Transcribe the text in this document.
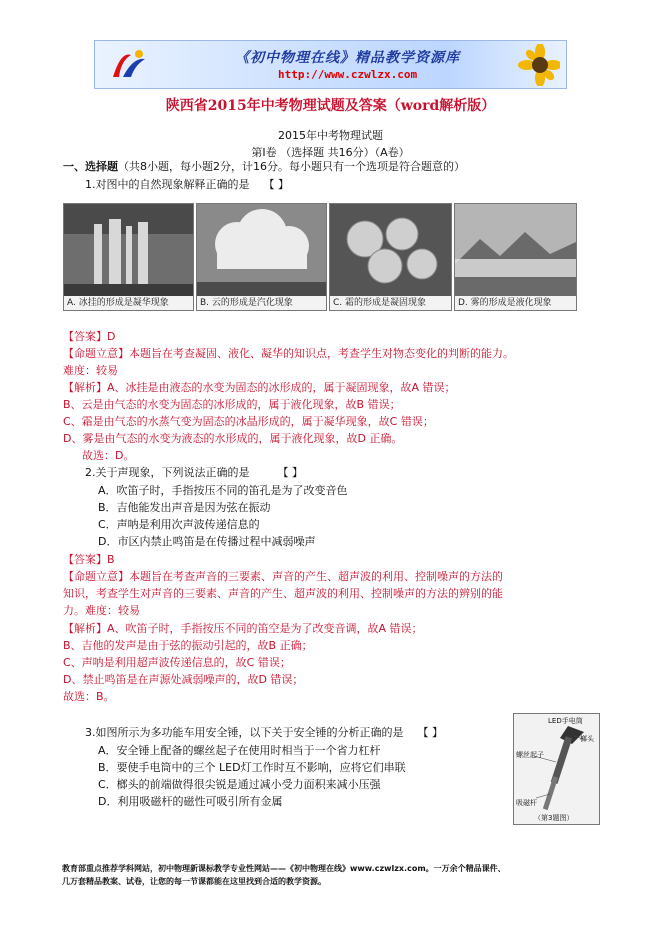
《初中物理在线》精品教学资源库
http://www.czwlzx.com
陕西省2015年中考物理试题及答案（word解析版）
2015年中考物理试题
第Ⅰ卷 （选择题 共16分）（A卷）
一、选择题（共8小题，每小题2分，计16分。每小题只有一个选项是符合题意的）
1.对图中的自然现象解释正确的是 【 】
A. 冰挂的形成是凝华现象	B. 云的形成是汽化现象	C. 霜的形成是凝固现象	D. 雾的形成是液化现象
【答案】D
【命题立意】本题旨在考查凝固、液化、凝华的知识点，考查学生对物态变化的判断的能力。
难度：较易
【解析】A、冰挂是由液态的水变为固态的冰形成的，属于凝固现象，故A 错误；
B、云是由气态的水变为固态的冰形成的，属于液化现象，故B 错误；
C、霜是由气态的水蒸气变为固态的冰晶形成的，属于凝华现象，故C 错误；
D、雾是由气态的水变为液态的水形成的，属于液化现象，故D 正确。
故选：D。
2.关于声现象，下列说法正确的是	【 】
A．吹笛子时，手指按压不同的笛孔是为了改变音色
B．吉他能发出声音是因为弦在振动
C．声呐是利用次声波传递信息的
D．市区内禁止鸣笛是在传播过程中减弱噪声
【答案】B
【命题立意】本题旨在考查声音的三要素、声音的产生、超声波的利用、控制噪声的方法的
知识，考查学生对声音的三要素、声音的产生、超声波的利用、控制噪声的方法的辨别的能
力。难度：较易
【解析】A、吹笛子时，手指按压不同的笛空是为了改变音调，故A 错误；
B、吉他的发声是由于弦的振动引起的，故B 正确；
C、声呐是利用超声波传递信息的，故C 错误；
D、禁止鸣笛是在声源处减弱噪声的，故D 错误；
故选：B。
3.如图所示为多功能车用安全锤，以下关于安全锤的分析正确的是 【 】
A．安全锤上配备的螺丝起子在使用时相当于一个省力杠杆
B．要使手电筒中的三个 LED灯工作时互不影响，应将它们串联
C．榔头的前端做得很尖锐是通过减小受力面积来减小压强
D．利用吸磁杆的磁性可吸引所有金属
LED手电筒
榔头
螺丝起子
吸磁杆
（第3题图）
教育部重点推荐学科网站，初中物理新课标教学专业性网站——《初中物理在线》www.czwlzx.com。一万余个精品课件、
几万套精品教案、试卷，让您的每一节课都能在这里找到合适的教学资源。
